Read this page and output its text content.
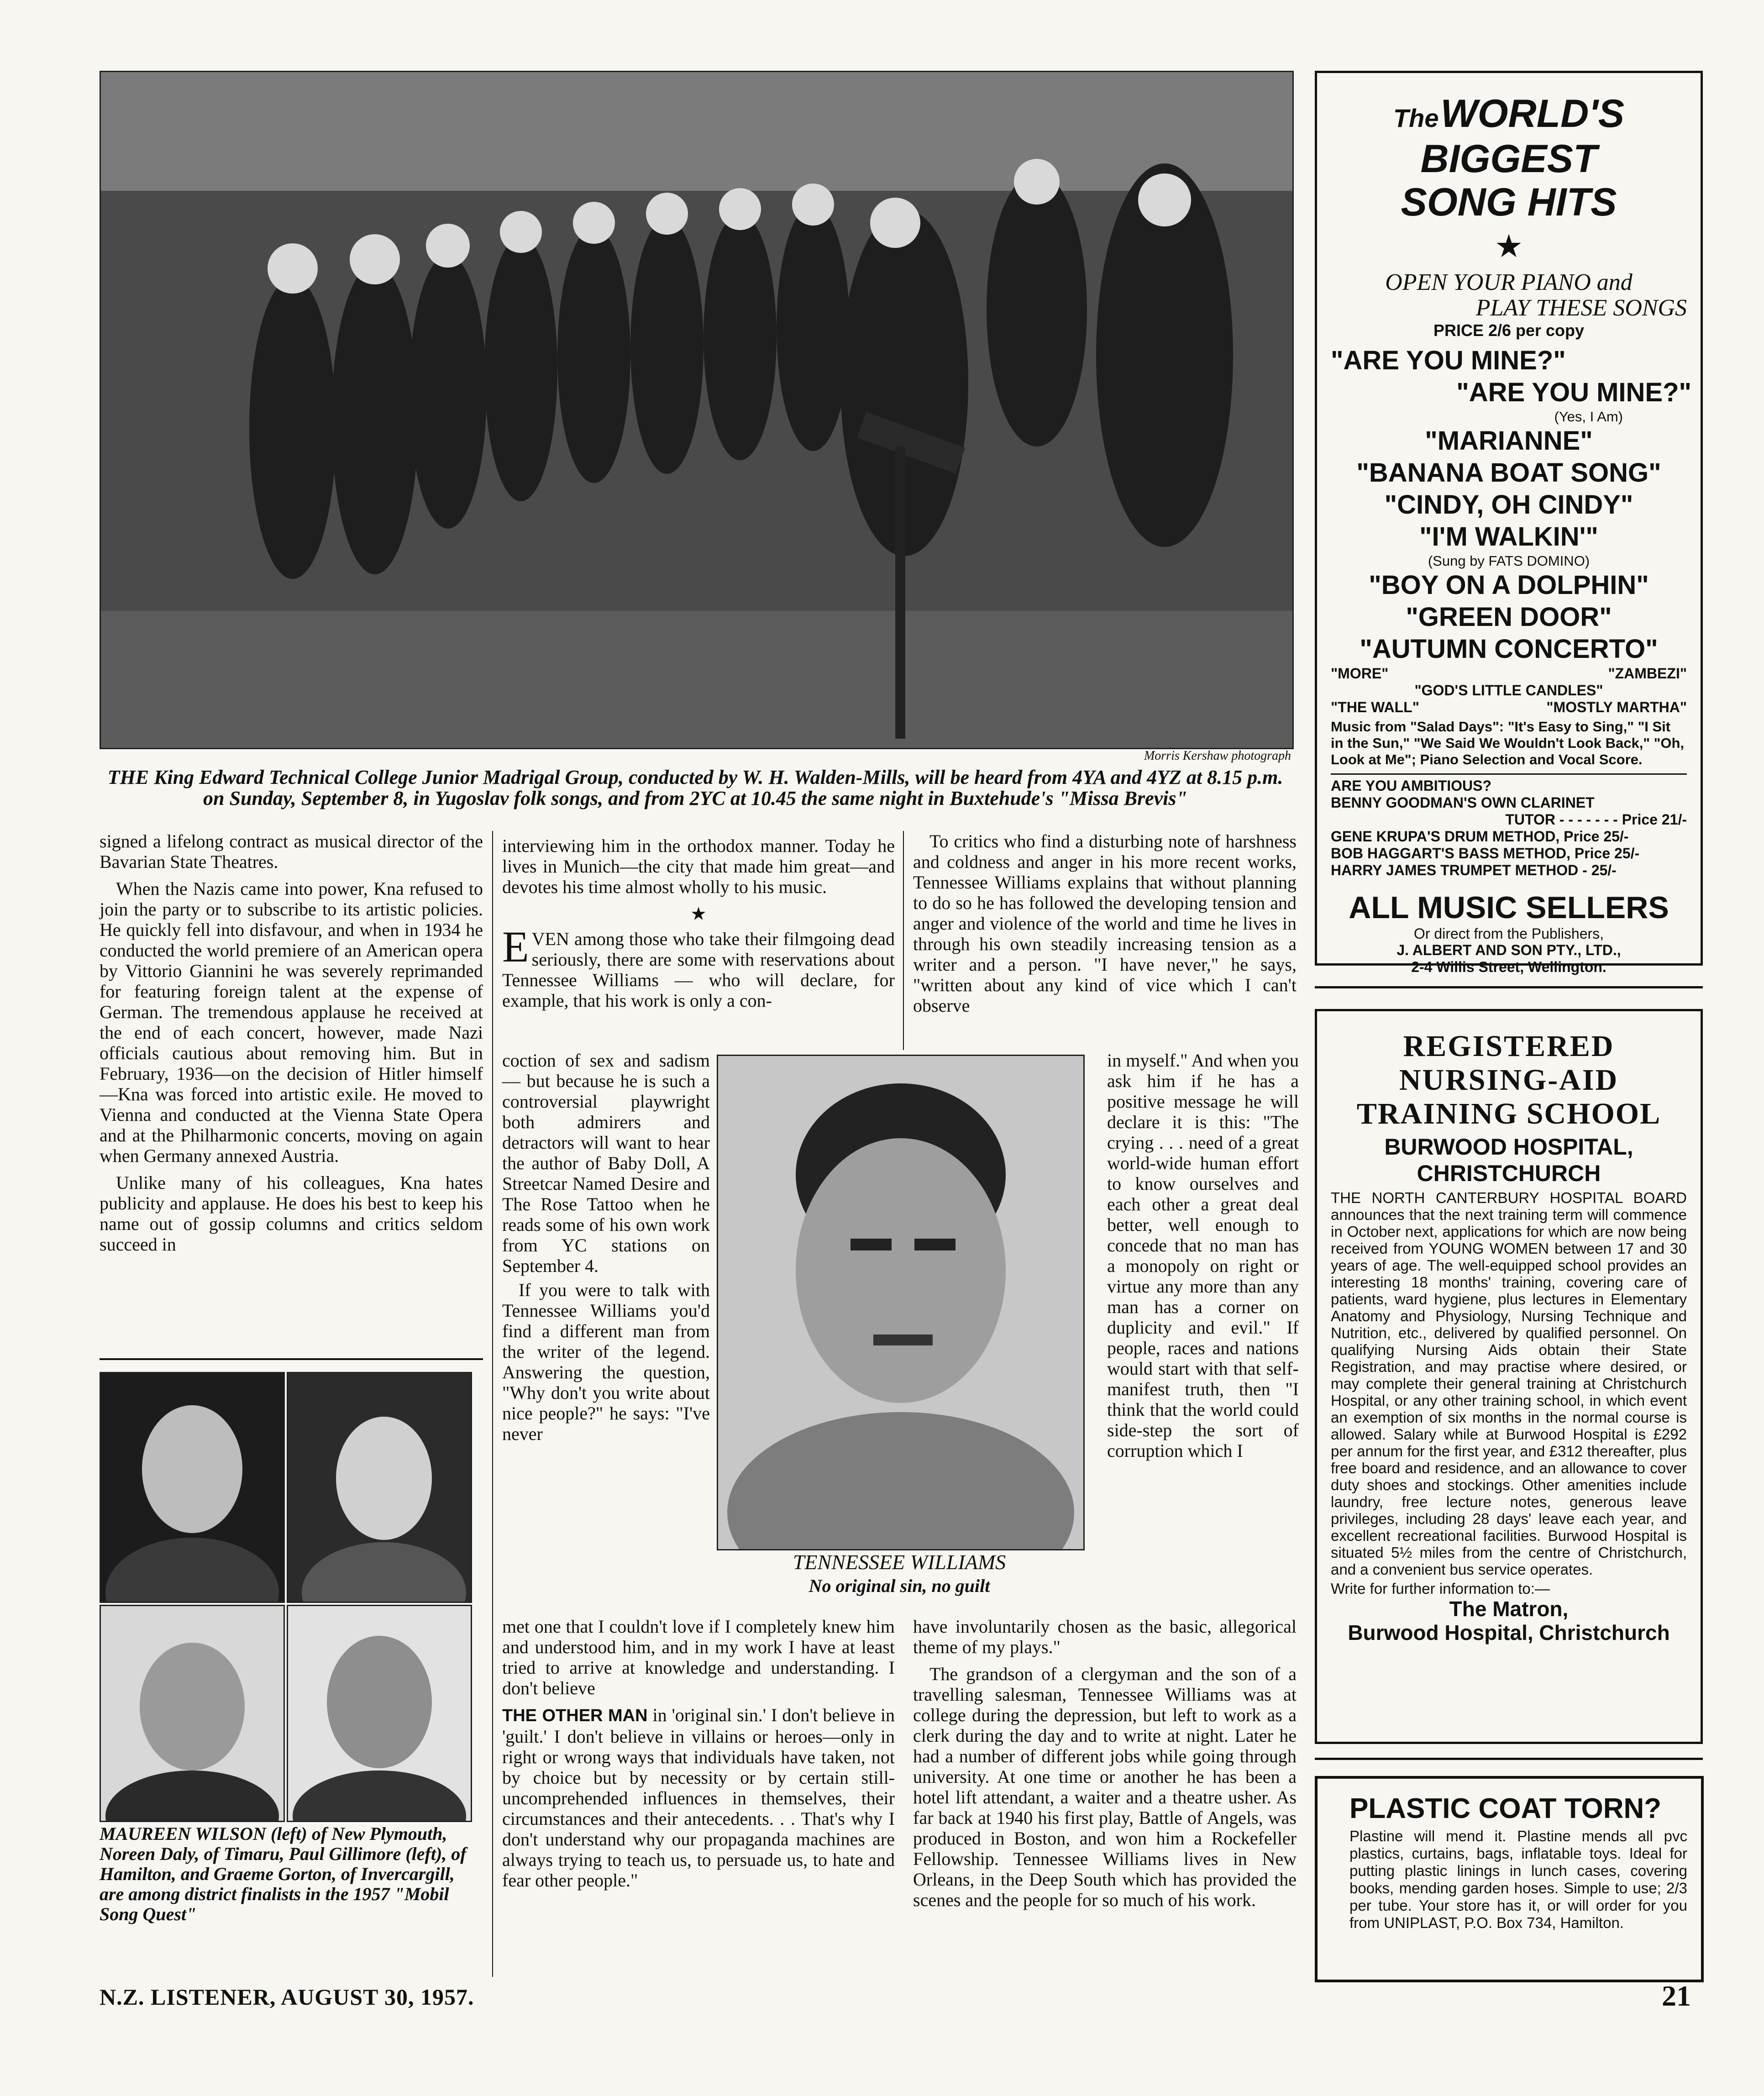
Morris Kershaw photograph
THE King Edward Technical College Junior Madrigal Group, conducted by W. H. Walden-Mills, will be heard from 4YA and 4YZ at 8.15 p.m. on Sunday, September 8, in Yugoslav folk songs, and from 2YC at 10.45 the same night in Buxtehude's "Missa Brevis"

signed a lifelong contract as musical director of the Bavarian State Theatres.

When the Nazis came into power, Kna refused to join the party or to subscribe to its artistic policies. He quickly fell into disfavour, and when in 1934 he conducted the world premiere of an American opera by Vittorio Giannini he was severely reprimanded for featuring foreign talent at the expense of German. The tremendous applause he received at the end of each concert, however, made Nazi officials cautious about removing him. But in February, 1936—on the decision of Hitler himself—Kna was forced into artistic exile. He moved to Vienna and conducted at the Vienna State Opera and at the Philharmonic concerts, moving on again when Germany annexed Austria.

Unlike many of his colleagues, Kna hates publicity and applause. He does his best to keep his name out of gossip columns and critics seldom succeed in

MAUREEN WILSON (left) of New Plymouth, Noreen Daly, of Timaru, Paul Gillimore (left), of Hamilton, and Graeme Gorton, of Invercargill, are among district finalists in the 1957 "Mobil Song Quest"

interviewing him in the orthodox manner. Today he lives in Munich—the city that made him great—and devotes his time almost wholly to his music.

★

EVEN among those who take their filmgoing dead seriously, there are some with reservations about Tennessee Williams — who will declare, for example, that his work is only a con-

coction of sex and sadism — but because he is such a controversial playwright both admirers and detractors will want to hear the author of Baby Doll, A Streetcar Named Desire and The Rose Tattoo when he reads some of his own work from YC stations on September 4.

If you were to talk with Tennessee Williams you'd find a different man from the writer of the legend. Answering the question, "Why don't you write about nice people?" he says: "I've never

met one that I couldn't love if I completely knew him and understood him, and in my work I have at least tried to arrive at knowledge and understanding. I don't believe

THE OTHER MAN in 'original sin.' I don't believe in 'guilt.' I don't believe in villains or heroes—only in right or wrong ways that individuals have taken, not by choice but by necessity or by certain still-uncomprehended influences in themselves, their circumstances and their antecedents. . . That's why I don't understand why our propaganda machines are always trying to teach us, to persuade us, to hate and fear other people."

TENNESSEE WILLIAMS
No original sin, no guilt

To critics who find a disturbing note of harshness and coldness and anger in his more recent works, Tennessee Williams explains that without planning to do so he has followed the developing tension and anger and violence of the world and time he lives in through his own steadily increasing tension as a writer and a person. "I have never," he says, "written about any kind of vice which I can't observe

in myself." And when you ask him if he has a positive message he will declare it is this: "The crying . . . need of a great world-wide human effort to know ourselves and each other a great deal better, well enough to concede that no man has a monopoly on right or virtue any more than any man has a corner on duplicity and evil." If people, races and nations would start with that self-manifest truth, then "I think that the world could side-step the sort of corruption which I

have involuntarily chosen as the basic, allegorical theme of my plays."

The grandson of a clergyman and the son of a travelling salesman, Tennessee Williams was at college during the depression, but left to work as a clerk during the day and to write at night. Later he had a number of different jobs while going through university. At one time or another he has been a hotel lift attendant, a waiter and a theatre usher. As far back at 1940 his first play, Battle of Angels, was produced in Boston, and won him a Rockefeller Fellowship. Tennessee Williams lives in New Orleans, in the Deep South which has provided the scenes and the people for so much of his work.

The WORLD'S BIGGEST
SONG HITS
★
OPEN YOUR PIANO and
PLAY THESE SONGS
PRICE 2/6 per copy
"ARE YOU MINE?"
"ARE YOU MINE?"
(Yes, I Am)
"MARIANNE"
"BANANA BOAT SONG"
"CINDY, OH CINDY"
"I'M WALKIN'"
(Sung by FATS DOMINO)
"BOY ON A DOLPHIN"
"GREEN DOOR"
"AUTUMN CONCERTO"
"MORE"	"ZAMBEZI"
"GOD'S LITTLE CANDLES"
"THE WALL"	"MOSTLY MARTHA"
Music from "Salad Days": "It's Easy to Sing," "I Sit in the Sun," "We Said We Wouldn't Look Back," "Oh, Look at Me"; Piano Selection and Vocal Score.
ARE YOU AMBITIOUS?
BENNY GOODMAN'S OWN CLARINET
TUTOR - - - - - - - Price 21/-
GENE KRUPA'S DRUM METHOD, Price 25/-
BOB HAGGART'S BASS METHOD, Price 25/-
HARRY JAMES TRUMPET METHOD - 25/-
ALL MUSIC SELLERS
Or direct from the Publishers,
J. ALBERT AND SON PTY., LTD.,
2-4 Willis Street, Wellington.
REGISTERED
NURSING-AID
TRAINING SCHOOL
BURWOOD HOSPITAL,
CHRISTCHURCH
THE NORTH CANTERBURY HOSPITAL BOARD announces that the next training term will commence in October next, applications for which are now being received from YOUNG WOMEN between 17 and 30 years of age. The well-equipped school provides an interesting 18 months' training, covering care of patients, ward hygiene, plus lectures in Elementary Anatomy and Physiology, Nursing Technique and Nutrition, etc., delivered by qualified personnel. On qualifying Nursing Aids obtain their State Registration, and may practise where desired, or may complete their general training at Christchurch Hospital, or any other training school, in which event an exemption of six months in the normal course is allowed. Salary while at Burwood Hospital is £292 per annum for the first year, and £312 thereafter, plus free board and residence, and an allowance to cover duty shoes and stockings. Other amenities include laundry, free lecture notes, generous leave privileges, including 28 days' leave each year, and excellent recreational facilities. Burwood Hospital is situated 5½ miles from the centre of Christchurch, and a convenient bus service operates.
Write for further information to:—
The Matron,
Burwood Hospital, Christchurch
PLASTIC COAT TORN?
Plastine will mend it. Plastine mends all pvc plastics, curtains, bags, inflatable toys. Ideal for putting plastic linings in lunch cases, covering books, mending garden hoses. Simple to use; 2/3 per tube. Your store has it, or will order for you from UNIPLAST, P.O. Box 734, Hamilton.
N.Z. LISTENER, AUGUST 30, 1957.	21
